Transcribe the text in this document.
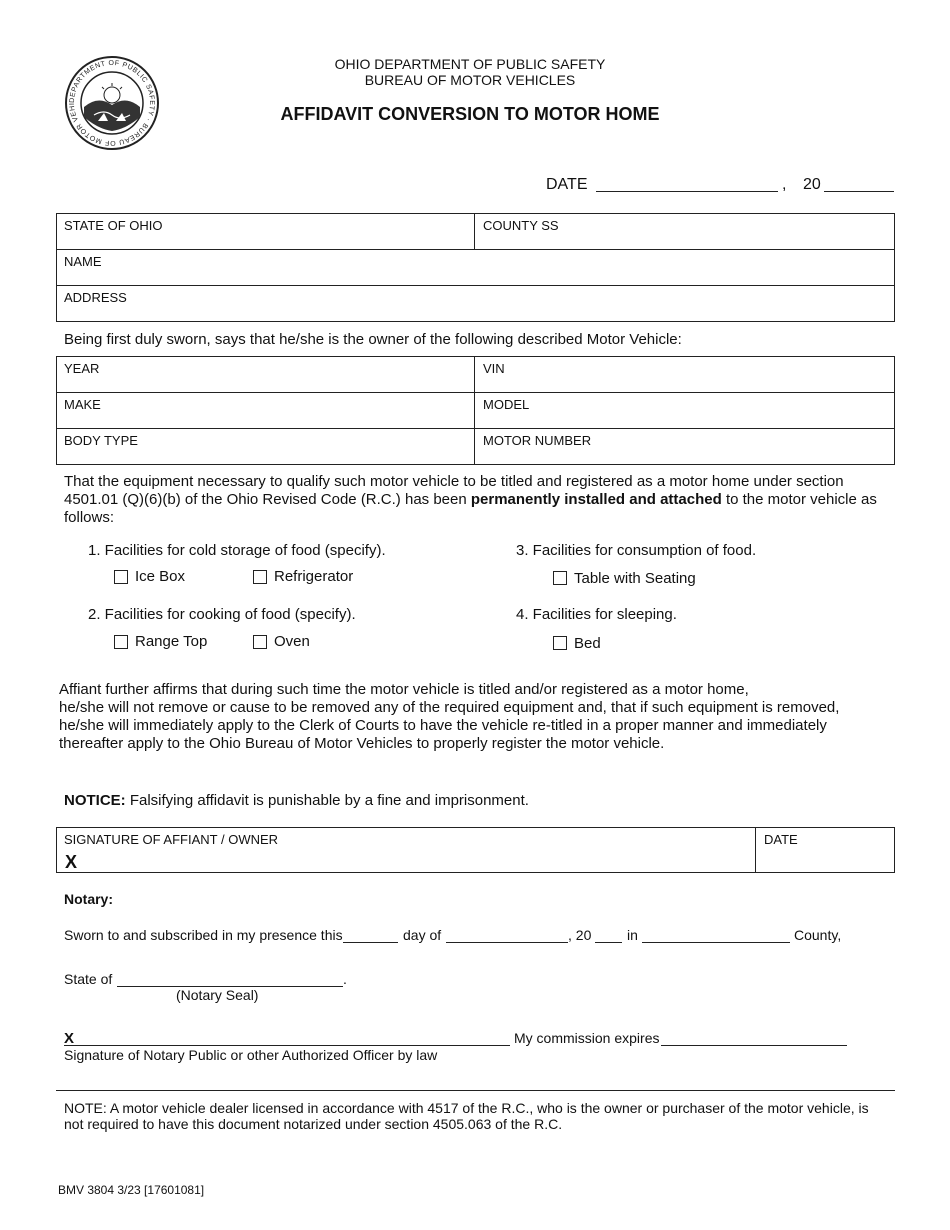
DEPARTMENT OF PUBLIC SAFETY · BUREAU OF MOTOR VEHI
OHIO DEPARTMENT OF PUBLIC SAFETY
BUREAU OF MOTOR VEHICLES
AFFIDAVIT CONVERSION TO MOTOR HOME
DATE	, 20
STATE OF OHIO	COUNTY SS
NAME
ADDRESS
Being first duly sworn, says that he/she is the owner of the following described Motor Vehicle:
YEAR	VIN
MAKE	MODEL
BODY TYPE	MOTOR NUMBER
That the equipment necessary to qualify such motor vehicle to be titled and registered as a motor home under section 4501.01 (Q)(6)(b) of the Ohio Revised Code (R.C.) has been permanently installed and attached to the motor vehicle as follows:
1. Facilities for cold storage of food (specify).
Ice Box	Refrigerator
2. Facilities for cooking of food (specify).
Range Top	Oven
3. Facilities for consumption of food.
Table with Seating
4. Facilities for sleeping.
Bed
Affiant further affirms that during such time the motor vehicle is titled and/or registered as a motor home,
he/she will not remove or cause to be removed any of the required equipment and, that if such equipment is removed,
he/she will immediately apply to the Clerk of Courts to have the vehicle re-titled in a proper manner and immediately
thereafter apply to the Ohio Bureau of Motor Vehicles to properly register the motor vehicle.
NOTICE: Falsifying affidavit is punishable by a fine and imprisonment.
SIGNATURE OF AFFIANT / OWNER
X
DATE
Notary:
Sworn to and subscribed in my presence this	day of	, 20	in	County,
State of	.
(Notary Seal)
X	My commission expires
Signature of Notary Public or other Authorized Officer by law
NOTE: A motor vehicle dealer licensed in accordance with 4517 of the R.C., who is the owner or purchaser of the motor vehicle, is
not required to have this document notarized under section 4505.063 of the R.C.
BMV 3804 3/23 [17601081]
